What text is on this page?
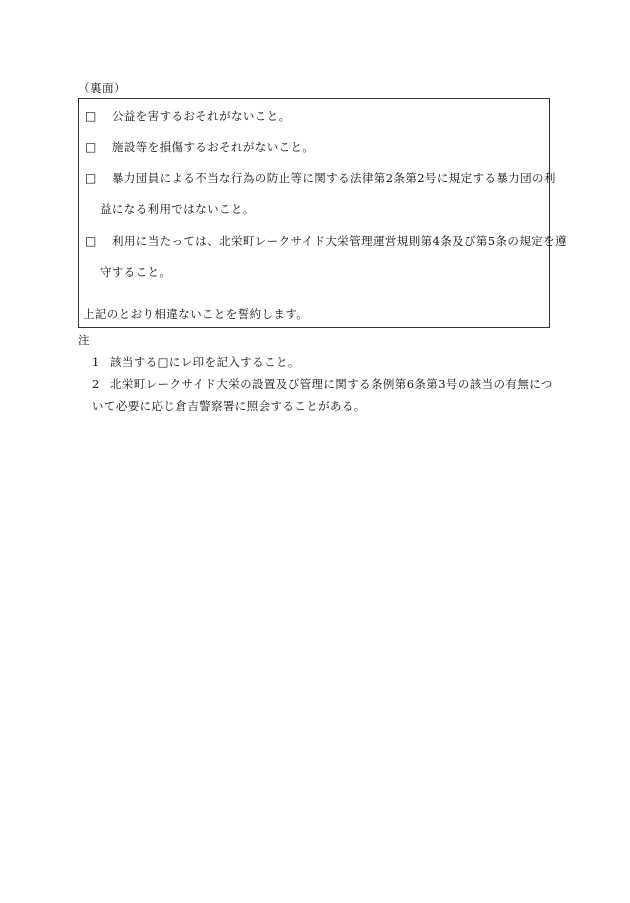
（裏面）
□ 公益を害するおそれがないこと。
□ 施設等を損傷するおそれがないこと。
□ 暴力団員による不当な行為の防止等に関する法律第2条第2号に規定する暴力団の利
益になる利用ではないこと。
□ 利用に当たっては、北栄町レークサイド大栄管理運営規則第4条及び第5条の規定を遵
守すること。
上記のとおり相違ないことを誓約します。
注
1 該当する□にレ印を記入すること。
2 北栄町レークサイド大栄の設置及び管理に関する条例第6条第3号の該当の有無につ
いて必要に応じ倉吉警察署に照会することがある。
